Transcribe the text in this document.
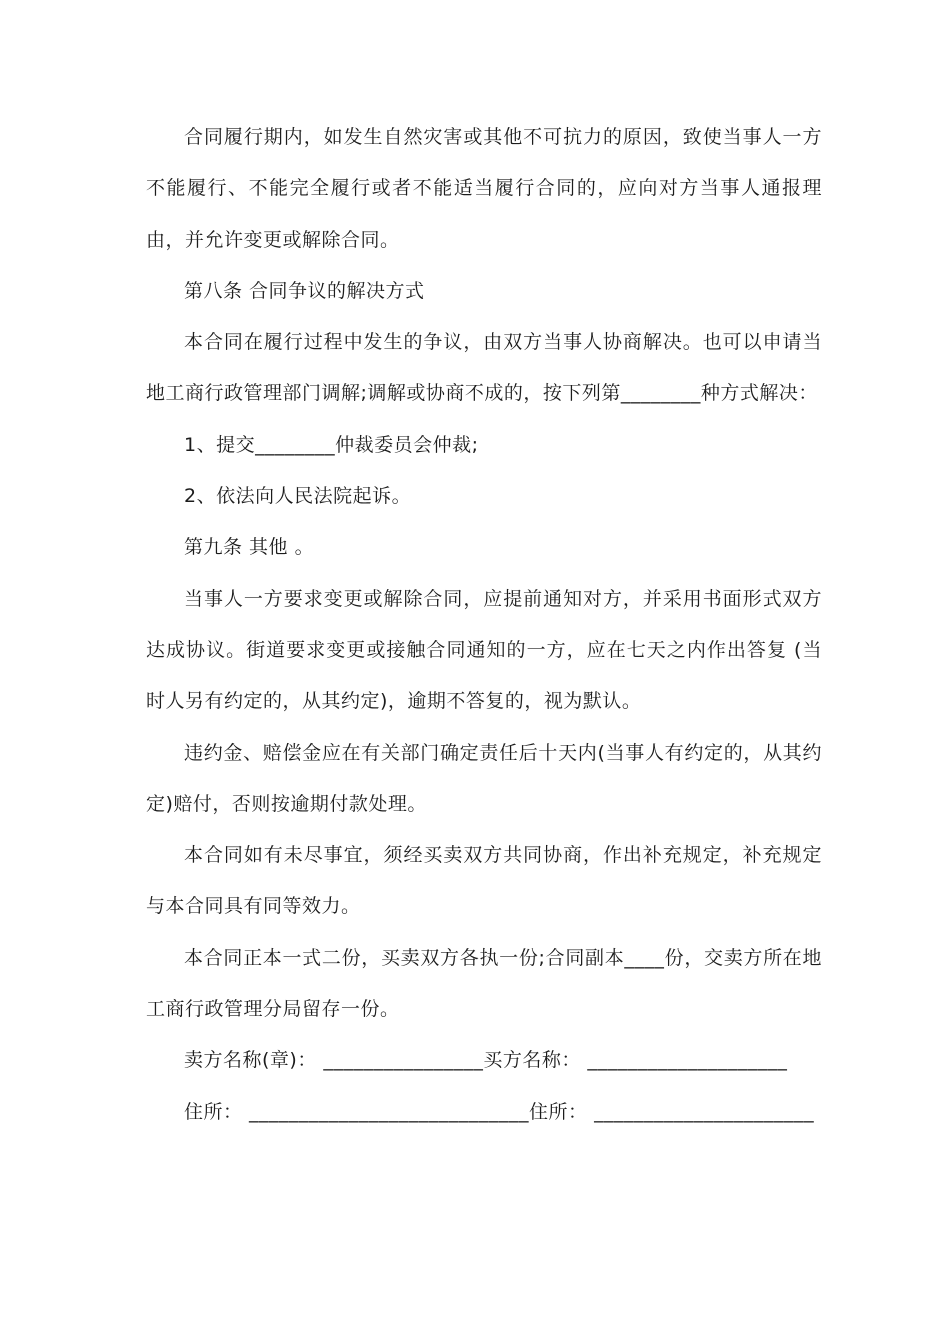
合同履行期内，如发生自然灾害或其他不可抗力的原因，致使当事人一方不能履行、不能完全履行或者不能适当履行合同的，应向对方当事人通报理由，并允许变更或解除合同。

第八条 合同争议的解决方式

本合同在履行过程中发生的争议，由双方当事人协商解决。也可以申请当地工商行政管理部门调解;调解或协商不成的，按下列第________种方式解决：

1、提交________仲裁委员会仲裁;

2、依法向人民法院起诉。

第九条 其他 。

当事人一方要求变更或解除合同，应提前通知对方，并采用书面形式双方达成协议。街道要求变更或接触合同通知的一方，应在七天之内作出答复 (当时人另有约定的，从其约定)，逾期不答复的，视为默认。

违约金、赔偿金应在有关部门确定责任后十天内(当事人有约定的，从其约定)赔付，否则按逾期付款处理。

本合同如有未尽事宜，须经买卖双方共同协商，作出补充规定，补充规定与本合同具有同等效力。

本合同正本一式二份，买卖双方各执一份;合同副本____份，交卖方所在地工商行政管理分局留存一份。

卖方名称(章)： ________________买方名称： ____________________

住所： ____________________________住所： ______________________
